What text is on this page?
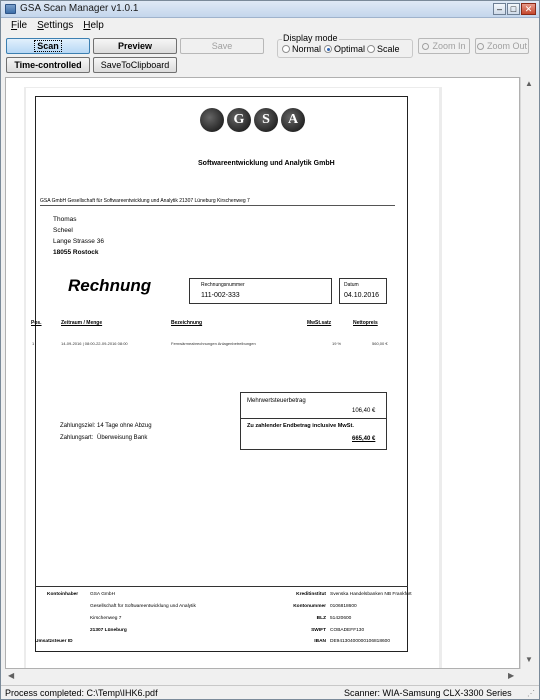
GSA Scan Manager v1.0.1	– □ ✕
File Settings Help
Scan	Preview	Save
Time-controlled	SaveToClipboard
Display mode
Normal Optimal Scale	Zoom In Zoom Out
G	S	A
Softwareentwicklung und Analytik GmbH
GSA GmbH Gesellschaft für Softwareentwicklung und Analytik 21307 Lüneburg Kirschenweg 7
Thomas
Scheel
Lange Strasse 36
18055 Rostock
Rechnung	Rechnungsnummer
111-002-333
Datum
04.10.2016
Pos.	Zeitraum / Menge	Bezeichnung	MwSt.satz	Nettopreis
1	14-09-2016 | 08:00-22-09-2016 08:00	Fernwärmeabrechnungen Anlagenbetreibungen	19 %	560,00 €
Mehrwertsteuerbetrag
106,40 €
Zu zahlender Endbetrag inclusive MwSt.
665,40 €
Zahlungsziel: 14 Tage ohne Abzug
Zahlungsart: Überweisung Bank
Kontoinhaber GSA GmbH
Gesellschaft für Softwareentwicklung und Analytik
Kirschenweg 7
21307 Lüneburg
Umsatzsteuer ID
Kreditinstitut Svenska Handelsbanken NB Frankfurt
Kontonummer 0106818600
BLZ 51420600
SWIFT COBADEFF130
IBAN DE94130400000106818600
▲
▼
◀	▶
Process completed: C:\Temp\IHK6.pdf	Scanner: WIA-Samsung CLX-3300 Series ⋰
